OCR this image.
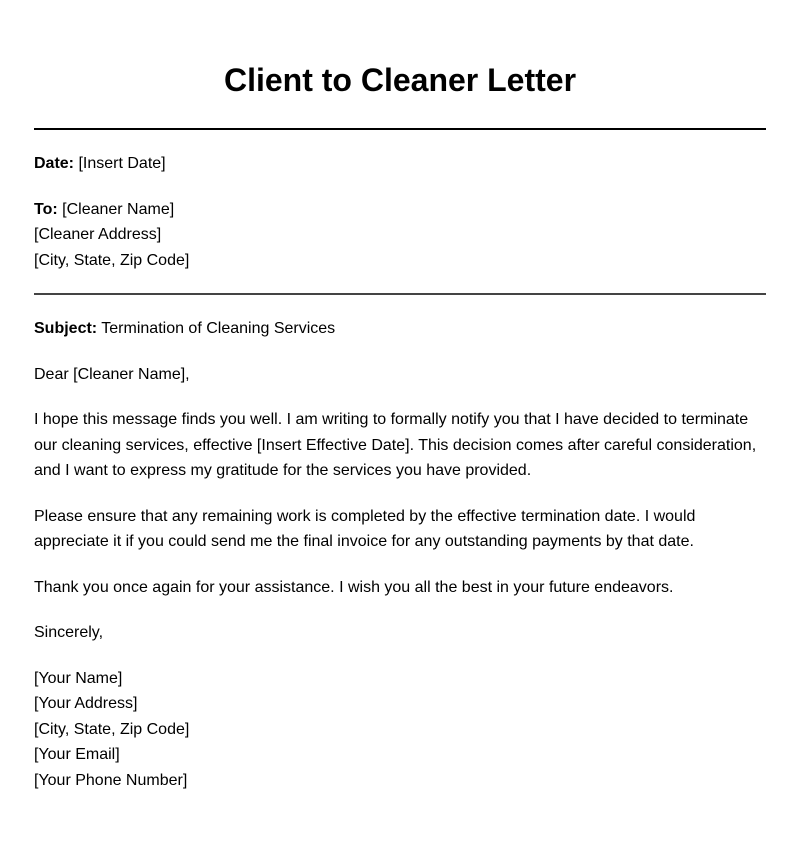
Client to Cleaner Letter
Date: [Insert Date]
To: [Cleaner Name]
[Cleaner Address]
[City, State, Zip Code]
Subject: Termination of Cleaning Services
Dear [Cleaner Name],

I hope this message finds you well. I am writing to formally notify you that I have decided to terminate our cleaning services, effective [Insert Effective Date]. This decision comes after careful consideration, and I want to express my gratitude for the services you have provided.

Please ensure that any remaining work is completed by the effective termination date. I would appreciate it if you could send me the final invoice for any outstanding payments by that date.

Thank you once again for your assistance. I wish you all the best in your future endeavors.

Sincerely,
[Your Name]
[Your Address]
[City, State, Zip Code]
[Your Email]
[Your Phone Number]
